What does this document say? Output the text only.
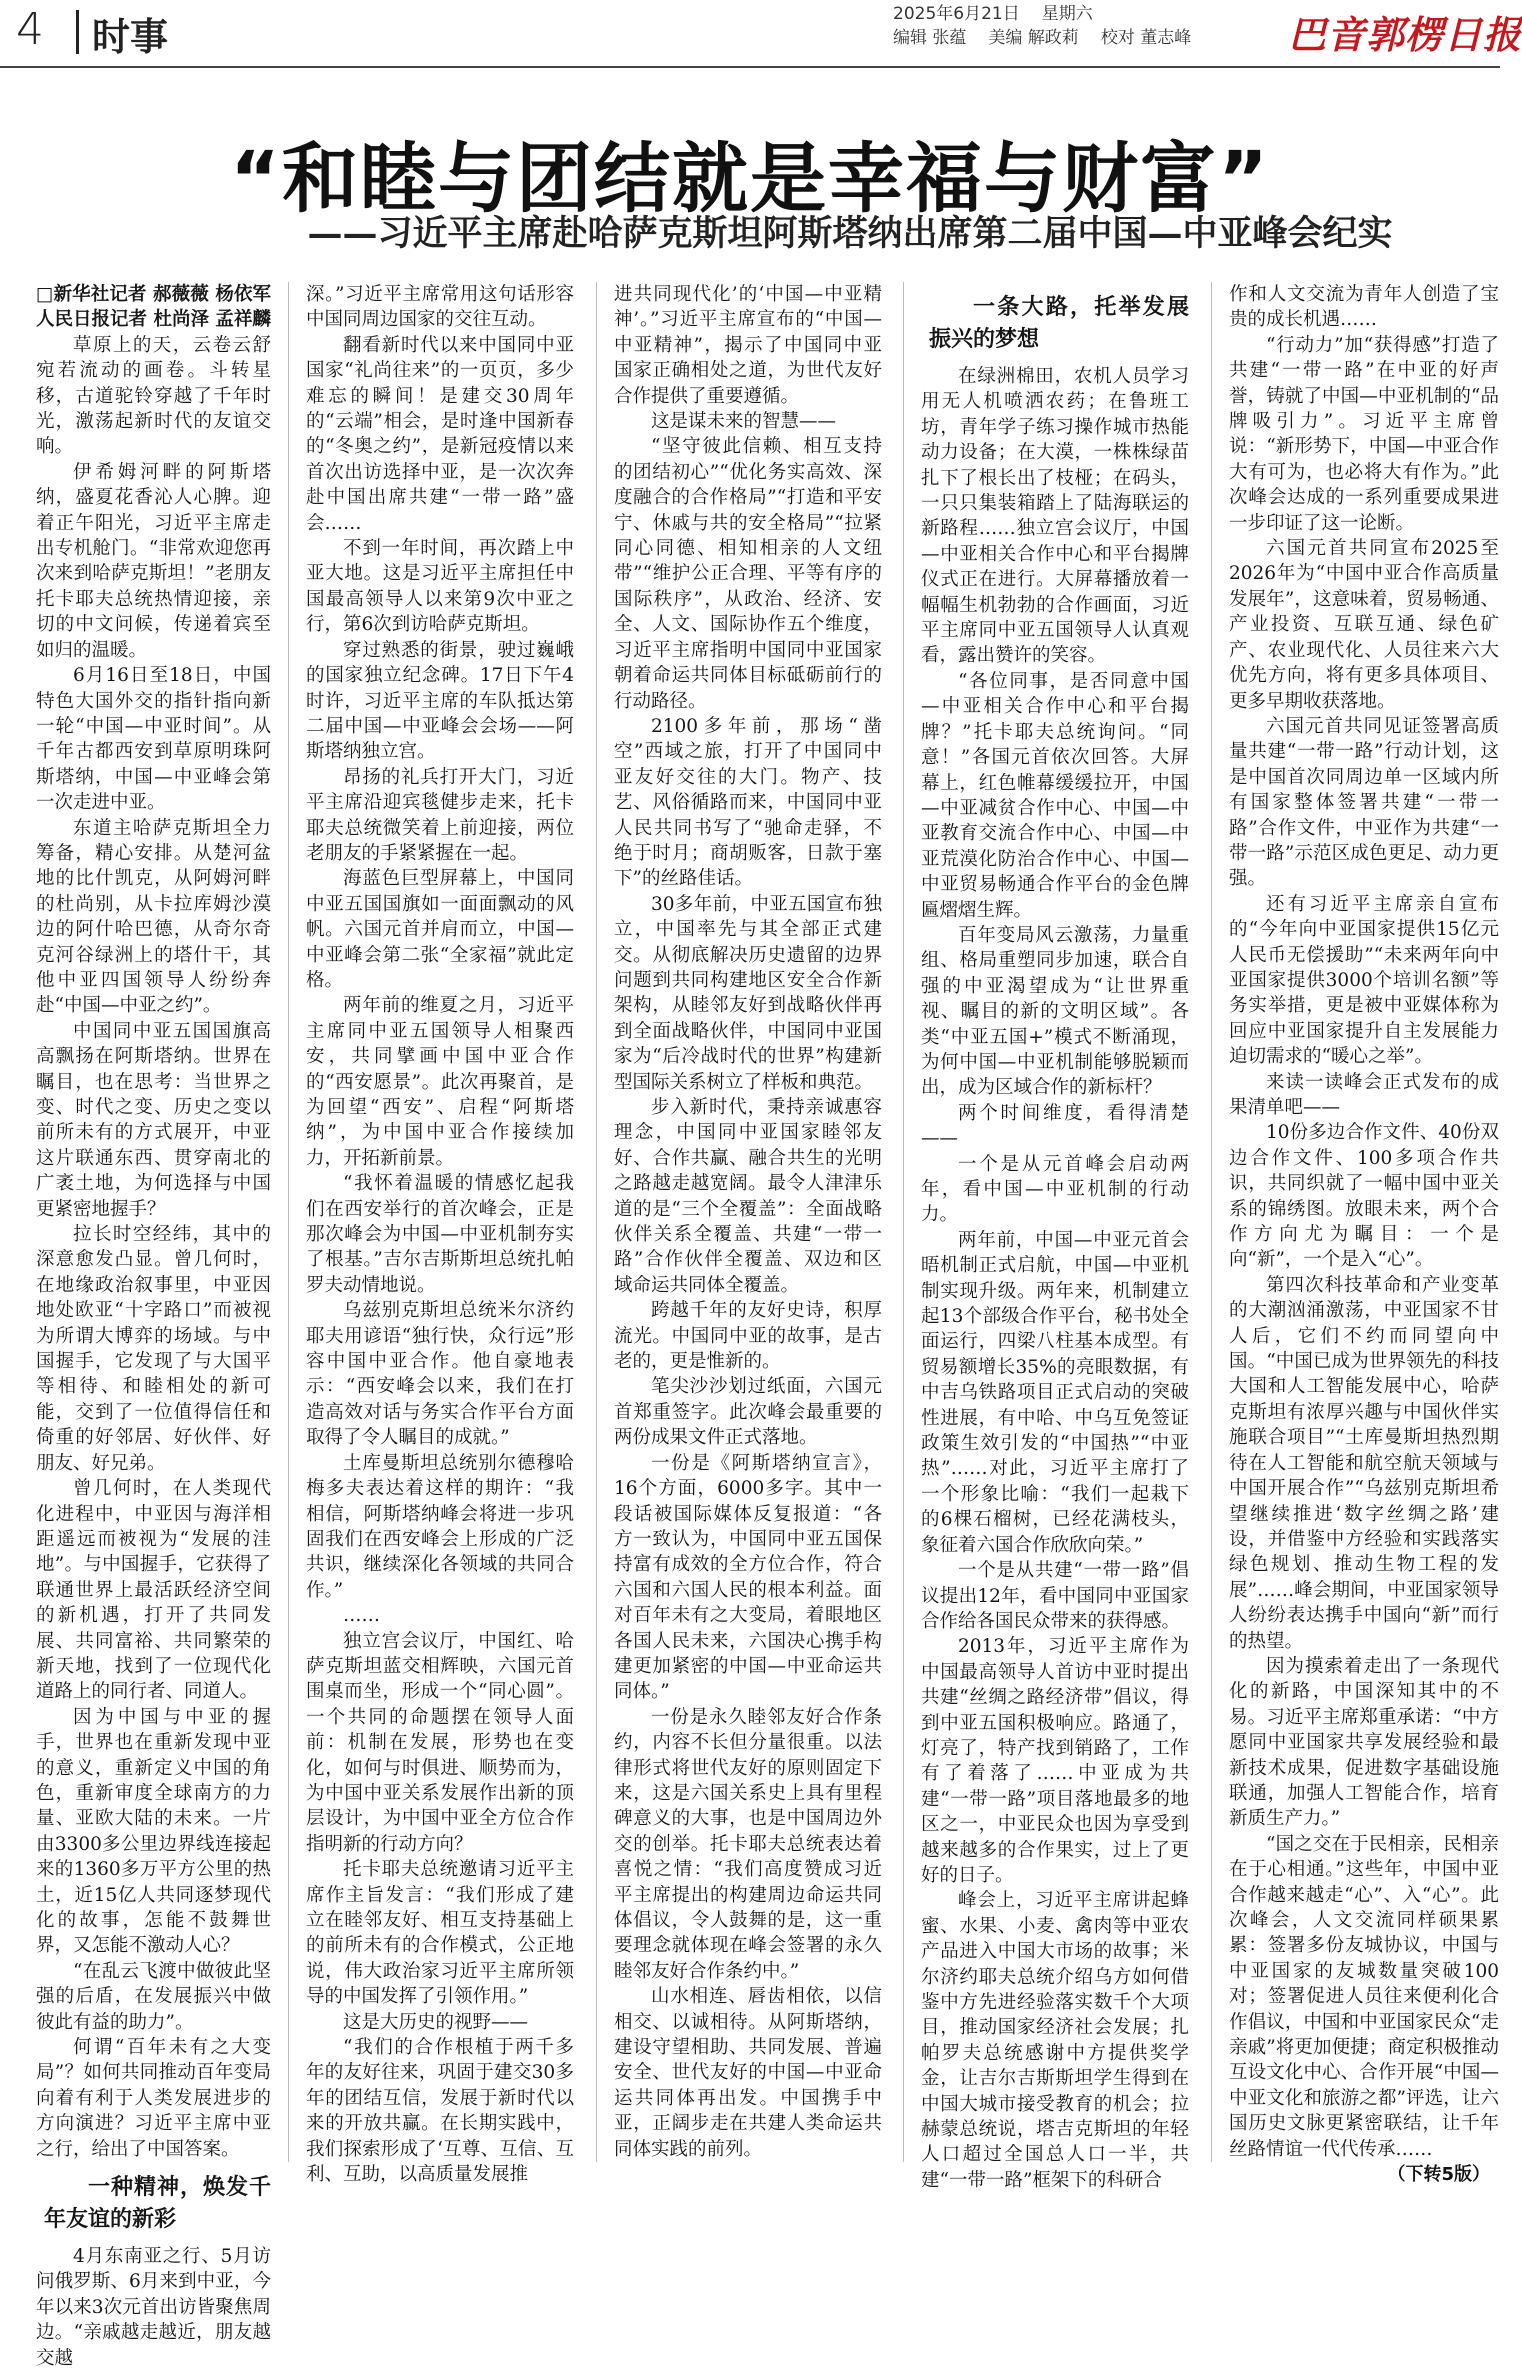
4 时事
2025年6月21日 星期六
编辑 张蕴 美编 解政莉 校对 董志峰	巴音郭楞日报
“和睦与团结就是幸福与财富”
——习近平主席赴哈萨克斯坦阿斯塔纳出席第二届中国—中亚峰会纪实

□新华社记者 郝薇薇 杨依军 人民日报记者 杜尚泽 孟祥麟

草原上的天，云卷云舒宛若流动的画卷。斗转星移，古道驼铃穿越了千年时光，激荡起新时代的友谊交响。

伊希姆河畔的阿斯塔纳，盛夏花香沁人心脾。迎着正午阳光，习近平主席走出专机舱门。“非常欢迎您再次来到哈萨克斯坦！”老朋友托卡耶夫总统热情迎接，亲切的中文问候，传递着宾至如归的温暖。

6月16日至18日，中国特色大国外交的指针指向新一轮“中国—中亚时间”。从千年古都西安到草原明珠阿斯塔纳，中国—中亚峰会第一次走进中亚。

东道主哈萨克斯坦全力筹备，精心安排。从楚河盆地的比什凯克，从阿姆河畔的杜尚别，从卡拉库姆沙漠边的阿什哈巴德，从奇尔奇克河谷绿洲上的塔什干，其他中亚四国领导人纷纷奔赴“中国—中亚之约”。

中国同中亚五国国旗高高飘扬在阿斯塔纳。世界在瞩目，也在思考：当世界之变、时代之变、历史之变以前所未有的方式展开，中亚这片联通东西、贯穿南北的广袤土地，为何选择与中国更紧密地握手？

拉长时空经纬，其中的深意愈发凸显。曾几何时，在地缘政治叙事里，中亚因地处欧亚“十字路口”而被视为所谓大博弈的场域。与中国握手，它发现了与大国平等相待、和睦相处的新可能，交到了一位值得信任和倚重的好邻居、好伙伴、好朋友、好兄弟。

曾几何时，在人类现代化进程中，中亚因与海洋相距遥远而被视为“发展的洼地”。与中国握手，它获得了联通世界上最活跃经济空间的新机遇，打开了共同发展、共同富裕、共同繁荣的新天地，找到了一位现代化道路上的同行者、同道人。

因为中国与中亚的握手，世界也在重新发现中亚的意义，重新定义中国的角色，重新审度全球南方的力量、亚欧大陆的未来。一片由3300多公里边界线连接起来的1360多万平方公里的热土，近15亿人共同逐梦现代化的故事，怎能不鼓舞世界，又怎能不激动人心？

“在乱云飞渡中做彼此坚强的后盾，在发展振兴中做彼此有益的助力”。

何谓“百年未有之大变局”？如何共同推动百年变局向着有利于人类发展进步的方向演进？习近平主席中亚之行，给出了中国答案。

一种精神，焕发千年友谊的新彩

4月东南亚之行、5月访问俄罗斯、6月来到中亚，今年以来3次元首出访皆聚焦周边。“亲戚越走越近，朋友越交越

深。”习近平主席常用这句话形容中国同周边国家的交往互动。

翻看新时代以来中国同中亚国家“礼尚往来”的一页页，多少难忘的瞬间！是建交30周年的“云端”相会，是时逢中国新春的“冬奥之约”，是新冠疫情以来首次出访选择中亚，是一次次奔赴中国出席共建“一带一路”盛会……

不到一年时间，再次踏上中亚大地。这是习近平主席担任中国最高领导人以来第9次中亚之行，第6次到访哈萨克斯坦。

穿过熟悉的街景，驶过巍峨的国家独立纪念碑。17日下午4时许，习近平主席的车队抵达第二届中国—中亚峰会会场——阿斯塔纳独立宫。

昂扬的礼兵打开大门，习近平主席沿迎宾毯健步走来，托卡耶夫总统微笑着上前迎接，两位老朋友的手紧紧握在一起。

海蓝色巨型屏幕上，中国同中亚五国国旗如一面面飘动的风帆。六国元首并肩而立，中国—中亚峰会第二张“全家福”就此定格。

两年前的维夏之月，习近平主席同中亚五国领导人相聚西安，共同擘画中国中亚合作的“西安愿景”。此次再聚首，是为回望“西安”、启程“阿斯塔纳”，为中国中亚合作接续加力，开拓新前景。

“我怀着温暖的情感忆起我们在西安举行的首次峰会，正是那次峰会为中国—中亚机制夯实了根基。”吉尔吉斯斯坦总统扎帕罗夫动情地说。

乌兹别克斯坦总统米尔济约耶夫用谚语“独行快，众行远”形容中国中亚合作。他自豪地表示：“西安峰会以来，我们在打造高效对话与务实合作平台方面取得了令人瞩目的成就。”

土库曼斯坦总统别尔德穆哈梅多夫表达着这样的期许：“我相信，阿斯塔纳峰会将进一步巩固我们在西安峰会上形成的广泛共识，继续深化各领域的共同合作。”

……

独立宫会议厅，中国红、哈萨克斯坦蓝交相辉映，六国元首围桌而坐，形成一个“同心圆”。一个共同的命题摆在领导人面前：机制在发展，形势也在变化，如何与时俱进、顺势而为，为中国中亚关系发展作出新的顶层设计，为中国中亚全方位合作指明新的行动方向？

托卡耶夫总统邀请习近平主席作主旨发言：“我们形成了建立在睦邻友好、相互支持基础上的前所未有的合作模式，公正地说，伟大政治家习近平主席所领导的中国发挥了引领作用。”

这是大历史的视野——

“我们的合作根植于两千多年的友好往来，巩固于建交30多年的团结互信，发展于新时代以来的开放共赢。在长期实践中，我们探索形成了‘互尊、互信、互利、互助，以高质量发展推

进共同现代化’的‘中国—中亚精神’。”习近平主席宣布的“中国—中亚精神”，揭示了中国同中亚国家正确相处之道，为世代友好合作提供了重要遵循。

这是谋未来的智慧——

“坚守彼此信赖、相互支持的团结初心”“优化务实高效、深度融合的合作格局”“打造和平安宁、休戚与共的安全格局”“拉紧同心同德、相知相亲的人文纽带”“维护公正合理、平等有序的国际秩序”，从政治、经济、安全、人文、国际协作五个维度，习近平主席指明中国同中亚国家朝着命运共同体目标砥砺前行的行动路径。

2100多年前，那场“凿空”西域之旅，打开了中国同中亚友好交往的大门。物产、技艺、风俗循路而来，中国同中亚人民共同书写了“驰命走驿，不绝于时月；商胡贩客，日款于塞下”的丝路佳话。

30多年前，中亚五国宣布独立，中国率先与其全部正式建交。从彻底解决历史遗留的边界问题到共同构建地区安全合作新架构，从睦邻友好到战略伙伴再到全面战略伙伴，中国同中亚国家为“后冷战时代的世界”构建新型国际关系树立了样板和典范。

步入新时代，秉持亲诚惠容理念，中国同中亚国家睦邻友好、合作共赢、融合共生的光明之路越走越宽阔。最令人津津乐道的是“三个全覆盖”：全面战略伙伴关系全覆盖、共建“一带一路”合作伙伴全覆盖、双边和区域命运共同体全覆盖。

跨越千年的友好史诗，积厚流光。中国同中亚的故事，是古老的，更是惟新的。

笔尖沙沙划过纸面，六国元首郑重签字。此次峰会最重要的两份成果文件正式落地。

一份是《阿斯塔纳宣言》，16个方面，6000多字。其中一段话被国际媒体反复报道：“各方一致认为，中国同中亚五国保持富有成效的全方位合作，符合六国和六国人民的根本利益。面对百年未有之大变局，着眼地区各国人民未来，六国决心携手构建更加紧密的中国—中亚命运共同体。”

一份是永久睦邻友好合作条约，内容不长但分量很重。以法律形式将世代友好的原则固定下来，这是六国关系史上具有里程碑意义的大事，也是中国周边外交的创举。托卡耶夫总统表达着喜悦之情：“我们高度赞成习近平主席提出的构建周边命运共同体倡议，令人鼓舞的是，这一重要理念就体现在峰会签署的永久睦邻友好合作条约中。”

山水相连、唇齿相依，以信相交、以诚相待。从阿斯塔纳，建设守望相助、共同发展、普遍安全、世代友好的中国—中亚命运共同体再出发。中国携手中亚，正阔步走在共建人类命运共同体实践的前列。

一条大路，托举发展振兴的梦想

在绿洲棉田，农机人员学习用无人机喷洒农药；在鲁班工坊，青年学子练习操作城市热能动力设备；在大漠，一株株绿苗扎下了根长出了枝桠；在码头，一只只集装箱踏上了陆海联运的新路程……独立宫会议厅，中国—中亚相关合作中心和平台揭牌仪式正在进行。大屏幕播放着一幅幅生机勃勃的合作画面，习近平主席同中亚五国领导人认真观看，露出赞许的笑容。

“各位同事，是否同意中国—中亚相关合作中心和平台揭牌？”托卡耶夫总统询问。“同意！”各国元首依次回答。大屏幕上，红色帷幕缓缓拉开，中国—中亚减贫合作中心、中国—中亚教育交流合作中心、中国—中亚荒漠化防治合作中心、中国—中亚贸易畅通合作平台的金色牌匾熠熠生辉。

百年变局风云激荡，力量重组、格局重塑同步加速，联合自强的中亚渴望成为“让世界重视、瞩目的新的文明区域”。各类“中亚五国+”模式不断涌现，为何中国—中亚机制能够脱颖而出，成为区域合作的新标杆？

两个时间维度，看得清楚——

一个是从元首峰会启动两年，看中国—中亚机制的行动力。

两年前，中国—中亚元首会晤机制正式启航，中国—中亚机制实现升级。两年来，机制建立起13个部级合作平台，秘书处全面运行，四梁八柱基本成型。有贸易额增长35%的亮眼数据，有中吉乌铁路项目正式启动的突破性进展，有中哈、中乌互免签证政策生效引发的“中国热”“中亚热”……对此，习近平主席打了一个形象比喻：“我们一起栽下的6棵石榴树，已经花满枝头，象征着六国合作欣欣向荣。”

一个是从共建“一带一路”倡议提出12年，看中国同中亚国家合作给各国民众带来的获得感。

2013年，习近平主席作为中国最高领导人首访中亚时提出共建“丝绸之路经济带”倡议，得到中亚五国积极响应。路通了，灯亮了，特产找到销路了，工作有了着落了……中亚成为共建“一带一路”项目落地最多的地区之一，中亚民众也因为享受到越来越多的合作果实，过上了更好的日子。

峰会上，习近平主席讲起蜂蜜、水果、小麦、禽肉等中亚农产品进入中国大市场的故事；米尔济约耶夫总统介绍乌方如何借鉴中方先进经验落实数千个大项目，推动国家经济社会发展；扎帕罗夫总统感谢中方提供奖学金，让吉尔吉斯斯坦学生得到在中国大城市接受教育的机会；拉赫蒙总统说，塔吉克斯坦的年轻人口超过全国总人口一半，共建“一带一路”框架下的科研合

作和人文交流为青年人创造了宝贵的成长机遇……

“行动力”加“获得感”打造了共建“一带一路”在中亚的好声誉，铸就了中国—中亚机制的“品牌吸引力”。习近平主席曾说：“新形势下，中国—中亚合作大有可为，也必将大有作为。”此次峰会达成的一系列重要成果进一步印证了这一论断。

六国元首共同宣布2025至2026年为“中国中亚合作高质量发展年”，这意味着，贸易畅通、产业投资、互联互通、绿色矿产、农业现代化、人员往来六大优先方向，将有更多具体项目、更多早期收获落地。

六国元首共同见证签署高质量共建“一带一路”行动计划，这是中国首次同周边单一区域内所有国家整体签署共建“一带一路”合作文件，中亚作为共建“一带一路”示范区成色更足、动力更强。

还有习近平主席亲自宣布的“今年向中亚国家提供15亿元人民币无偿援助”“未来两年向中亚国家提供3000个培训名额”等务实举措，更是被中亚媒体称为回应中亚国家提升自主发展能力迫切需求的“暖心之举”。

来读一读峰会正式发布的成果清单吧——

10份多边合作文件、40份双边合作文件、100多项合作共识，共同织就了一幅中国中亚关系的锦绣图。放眼未来，两个合作方向尤为瞩目：一个是向“新”，一个是入“心”。

第四次科技革命和产业变革的大潮汹涌激荡，中亚国家不甘人后，它们不约而同望向中国。“中国已成为世界领先的科技大国和人工智能发展中心，哈萨克斯坦有浓厚兴趣与中国伙伴实施联合项目”“土库曼斯坦热烈期待在人工智能和航空航天领域与中国开展合作”“乌兹别克斯坦希望继续推进‘数字丝绸之路’建设，并借鉴中方经验和实践落实绿色规划、推动生物工程的发展”……峰会期间，中亚国家领导人纷纷表达携手中国向“新”而行的热望。

因为摸索着走出了一条现代化的新路，中国深知其中的不易。习近平主席郑重承诺：“中方愿同中亚国家共享发展经验和最新技术成果，促进数字基础设施联通，加强人工智能合作，培育新质生产力。”

“国之交在于民相亲，民相亲在于心相通。”这些年，中国中亚合作越来越走“心”、入“心”。此次峰会，人文交流同样硕果累累：签署多份友城协议，中国与中亚国家的友城数量突破100对；签署促进人员往来便利化合作倡议，中国和中亚国家民众“走亲戚”将更加便捷；商定积极推动互设文化中心、合作开展“中国—中亚文化和旅游之都”评选，让六国历史文脉更紧密联结，让千年丝路情谊一代代传承……

（下转5版）
